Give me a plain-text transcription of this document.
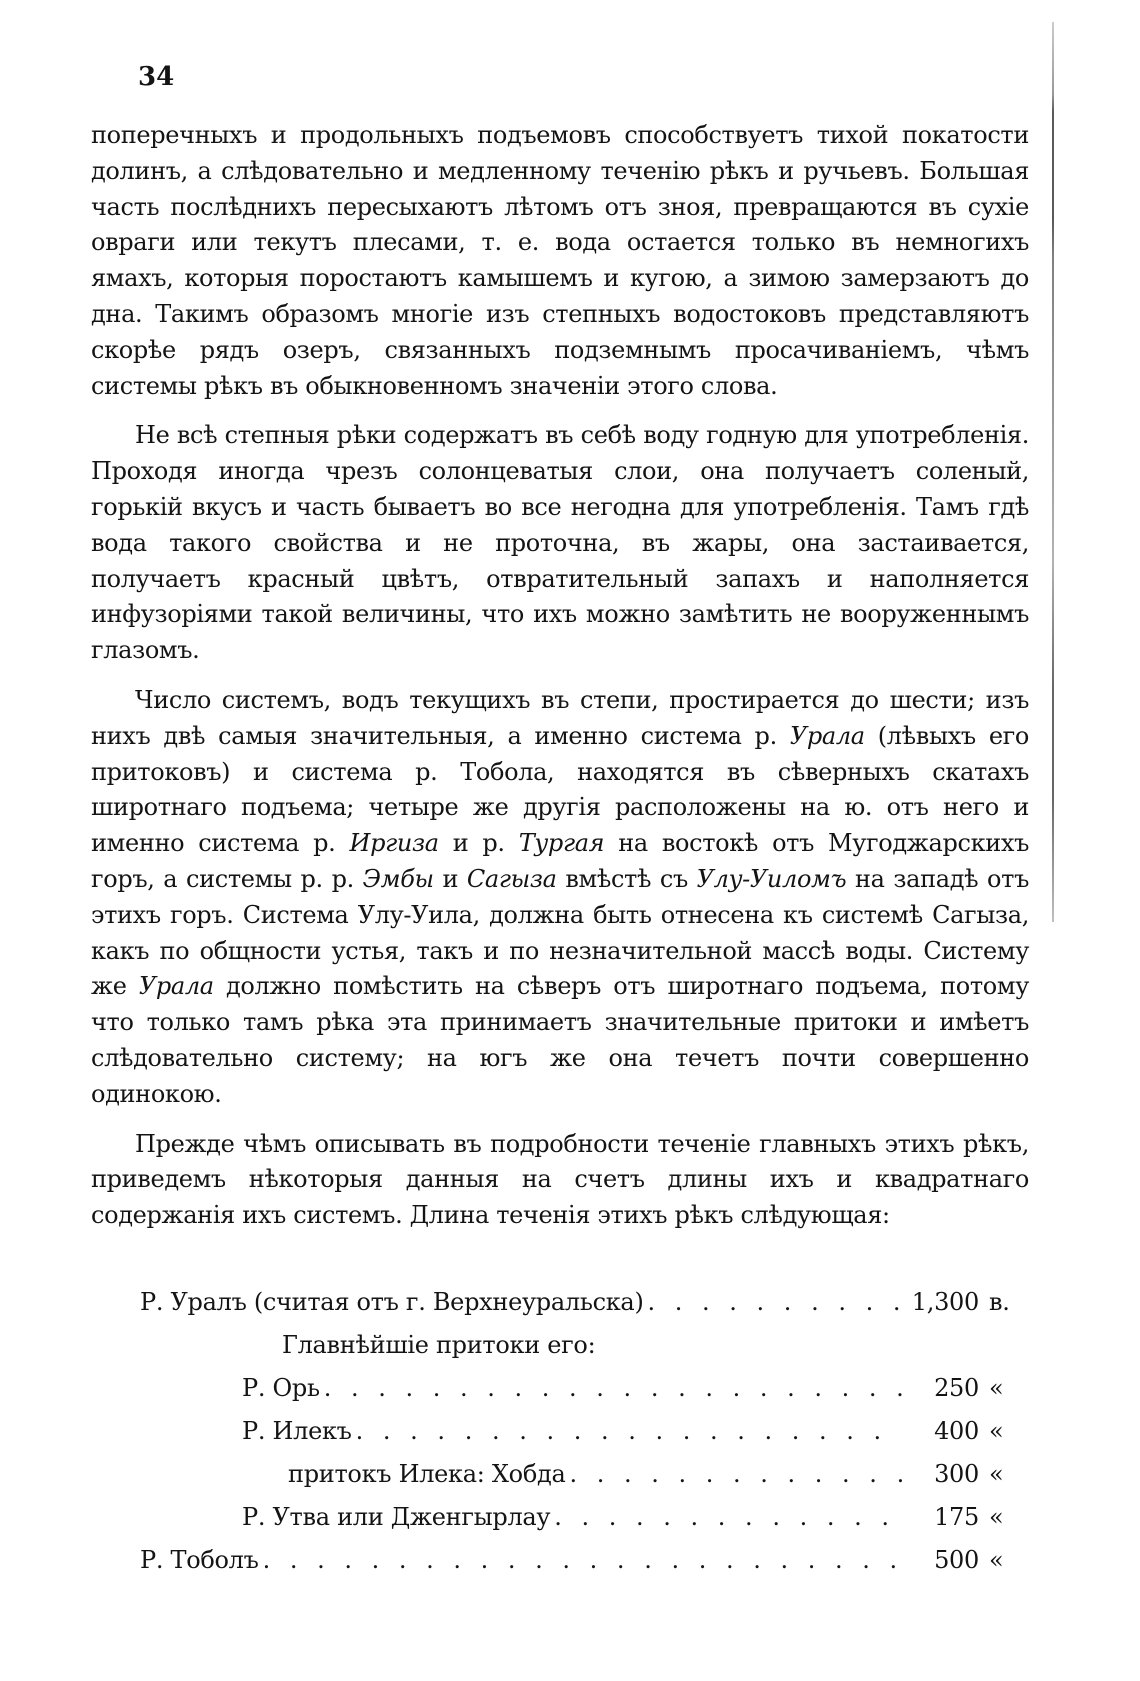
34

поперечныхъ и продольныхъ подъемовъ способствуетъ тихой покатости долинъ, а слѣдовательно и медленному теченію рѣкъ и ручьевъ. Большая часть послѣднихъ пересыхаютъ лѣтомъ отъ зноя, превращаются въ сухіе овраги или текутъ плесами, т. е. вода остается только въ немногихъ ямахъ, которыя поростаютъ камышемъ и кугою, а зимою замерзаютъ до дна. Такимъ образомъ многіе изъ степныхъ водостоковъ представляютъ скорѣе рядъ озеръ, связанныхъ подземнымъ просачиваніемъ, чѣмъ системы рѣкъ въ обыкновенномъ значеніи этого слова.

Не всѣ степныя рѣки содержатъ въ себѣ воду годную для употребленія. Проходя иногда чрезъ солонцеватыя слои, она получаетъ соленый, горькій вкусъ и часть бываетъ во все негодна для употребленія. Тамъ гдѣ вода такого свойства и не проточна, въ жары, она застаивается, получаетъ красный цвѣтъ, отвратительный запахъ и наполняется инфузоріями такой величины, что ихъ можно замѣтить не вооруженнымъ глазомъ.

Число системъ, водъ текущихъ въ степи, простирается до шести; изъ нихъ двѣ самыя значительныя, а именно система р. Урала (лѣвыхъ его притоковъ) и система р. Тобола, находятся въ сѣверныхъ скатахъ широтнаго подъема; четыре же другія расположены на ю. отъ него и именно система р. Иргиза и р. Тургая на востокѣ отъ Мугоджарскихъ горъ, а системы р. р. Эмбы и Сагыза вмѣстѣ съ Улу-Уиломъ на западѣ отъ этихъ горъ. Система Улу-Уила, должна быть отнесена къ системѣ Сагыза, какъ по общности устья, такъ и по незначительной массѣ воды. Систему же Урала должно помѣстить на сѣверъ отъ широтнаго подъема, потому что только тамъ рѣка эта принимаетъ значительные притоки и имѣетъ слѣдовательно систему; на югъ же она течетъ почти совершенно одинокою.

Прежде чѣмъ описывать въ подробности теченіе главныхъ этихъ рѣкъ, приведемъ нѣкоторыя данныя на счетъ длины ихъ и квадратнаго содержанія ихъ системъ. Длина теченія этихъ рѣкъ слѣдующая:

Р. Уралъ (считая отъ г. Верхнеуральска) . . .	1,300 в.
Главнѣйшіе притоки его:
Р. Орь . . .	250 «
Р. Илекъ . . .	400 «
притокъ Илека: Хобда . . .	300 «
Р. Утва или Дженгырлау . . .	175 «
Р. Тоболъ . . .	500 «
